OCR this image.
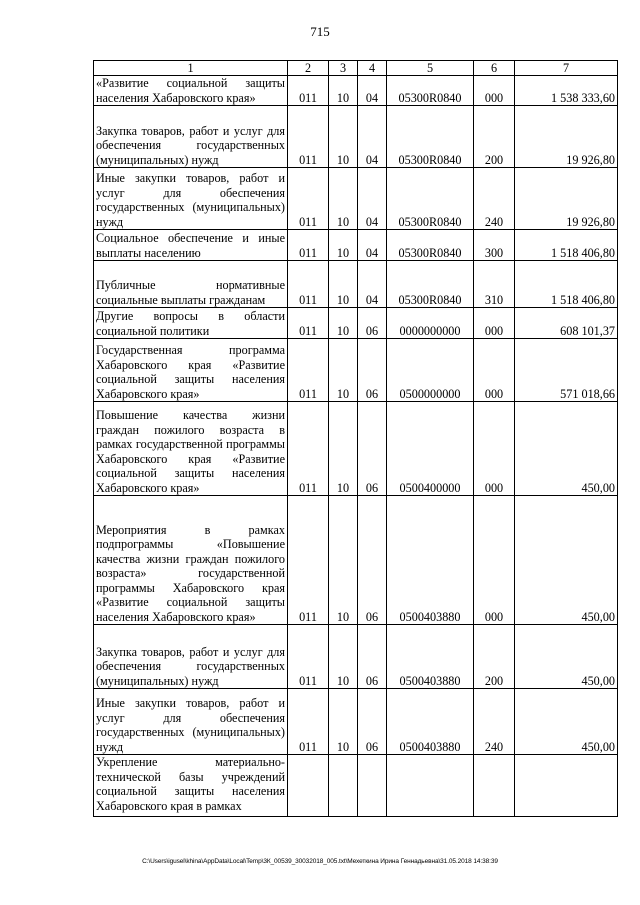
715
1	2	3	4	5	6	7
«Развитие социальной защиты населения Хабаровского края»	011	10	04	05300R0840	000	1 538 333,60
Закупка товаров, работ и услуг для обеспечения государственных (муниципальных) нужд	011	10	04	05300R0840	200	19 926,80
Иные закупки товаров, работ и услуг для обеспечения государственных (муниципальных) нужд	011	10	04	05300R0840	240	19 926,80
Социальное обеспечение и иные выплаты населению	011	10	04	05300R0840	300	1 518 406,80
Публичные нормативные социальные выплаты гражданам	011	10	04	05300R0840	310	1 518 406,80
Другие вопросы в области социальной политики	011	10	06	0000000000	000	608 101,37
Государственная программа Хабаровского края «Развитие социальной защиты населения Хабаровского края»	011	10	06	0500000000	000	571 018,66
Повышение качества жизни граждан пожилого возраста в рамках государственной программы Хабаровского края «Развитие социальной защиты населения Хабаровского края»	011	10	06	0500400000	000	450,00
Мероприятия в рамках подпрограммы «Повышение качества жизни граждан пожилого возраста» государственной программы Хабаровского края «Развитие социальной защиты населения Хабаровского края»	011	10	06	0500403880	000	450,00
Закупка товаров, работ и услуг для обеспечения государственных (муниципальных) нужд	011	10	06	0500403880	200	450,00
Иные закупки товаров, работ и услуг для обеспечения государственных (муниципальных) нужд	011	10	06	0500403880	240	450,00
Укрепление материально-технической базы учреждений социальной защиты населения Хабаровского края в рамках						
C:\Users\igusel\khina\AppData\Local\Temp\3К_00539_30032018_005.txt\Мехеткина Ирина Геннадьевна\31.05.2018 14:38:39
